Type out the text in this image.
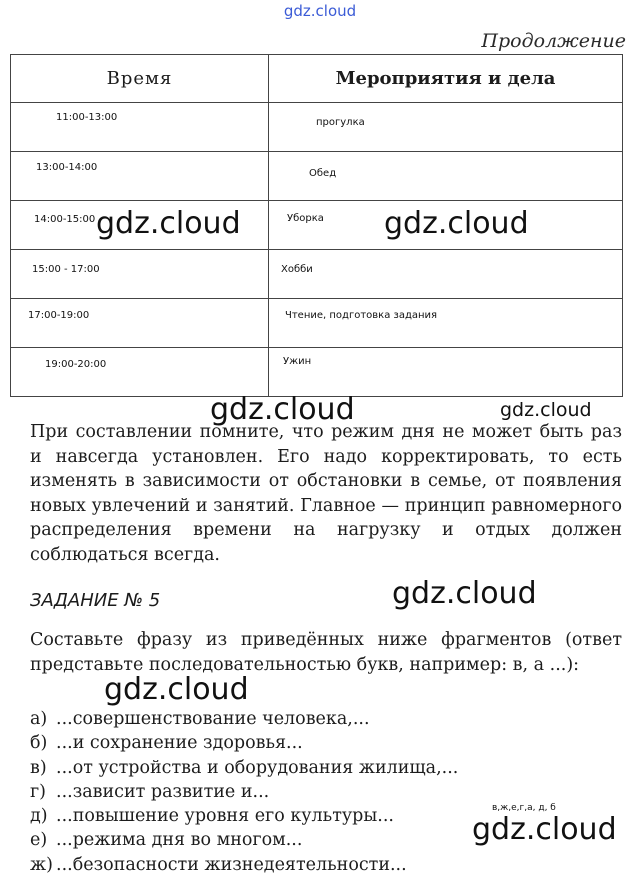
gdz.cloud
Продолжение
Время	Мероприятия и дела

11:00-13:00	прогулка

13:00-14:00	Обед

14:00-15:00	Уборка

15:00 - 17:00	Хобби

17:00-19:00	Чтение, подготовка задания

19:00-20:00	Ужин
gdz.cloud	gdz.cloud
gdz.cloud	gdz.cloud

При составлении помните, что режим дня не может быть раз и навсегда установлен. Его надо корректировать, то есть изменять в зависимости от обстановки в семье, от появления новых увлечений и занятий. Главное — принцип равномерного распределения времени на нагрузку и отдых должен соблюдаться всегда.

ЗАДАНИЕ № 5	gdz.cloud

Составьте фразу из приведённых ниже фрагментов (ответ представьте последовательностью букв, например: в, а ...):

gdz.cloud
а) ...совершенствование человека,...
б) ...и сохранение здоровья...
в) ...от устройства и оборудования жилища,...
г) ...зависит развитие и...
д) ...повышение уровня его культуры...
е) ...режима дня во многом...
ж) ...безопасности жизнедеятельности...
в,ж,е,г,а, д, б
gdz.cloud
